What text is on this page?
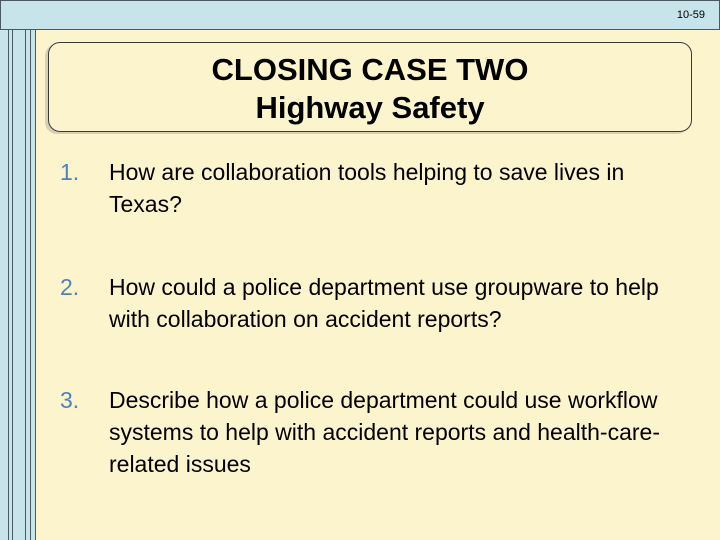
10-59
CLOSING CASE TWO
Highway Safety
1.	How are collaboration tools helping to save lives in Texas?
2.	How could a police department use groupware to help with collaboration on accident reports?
3.	Describe how a police department could use workflow systems to help with accident reports and health-care-related issues
